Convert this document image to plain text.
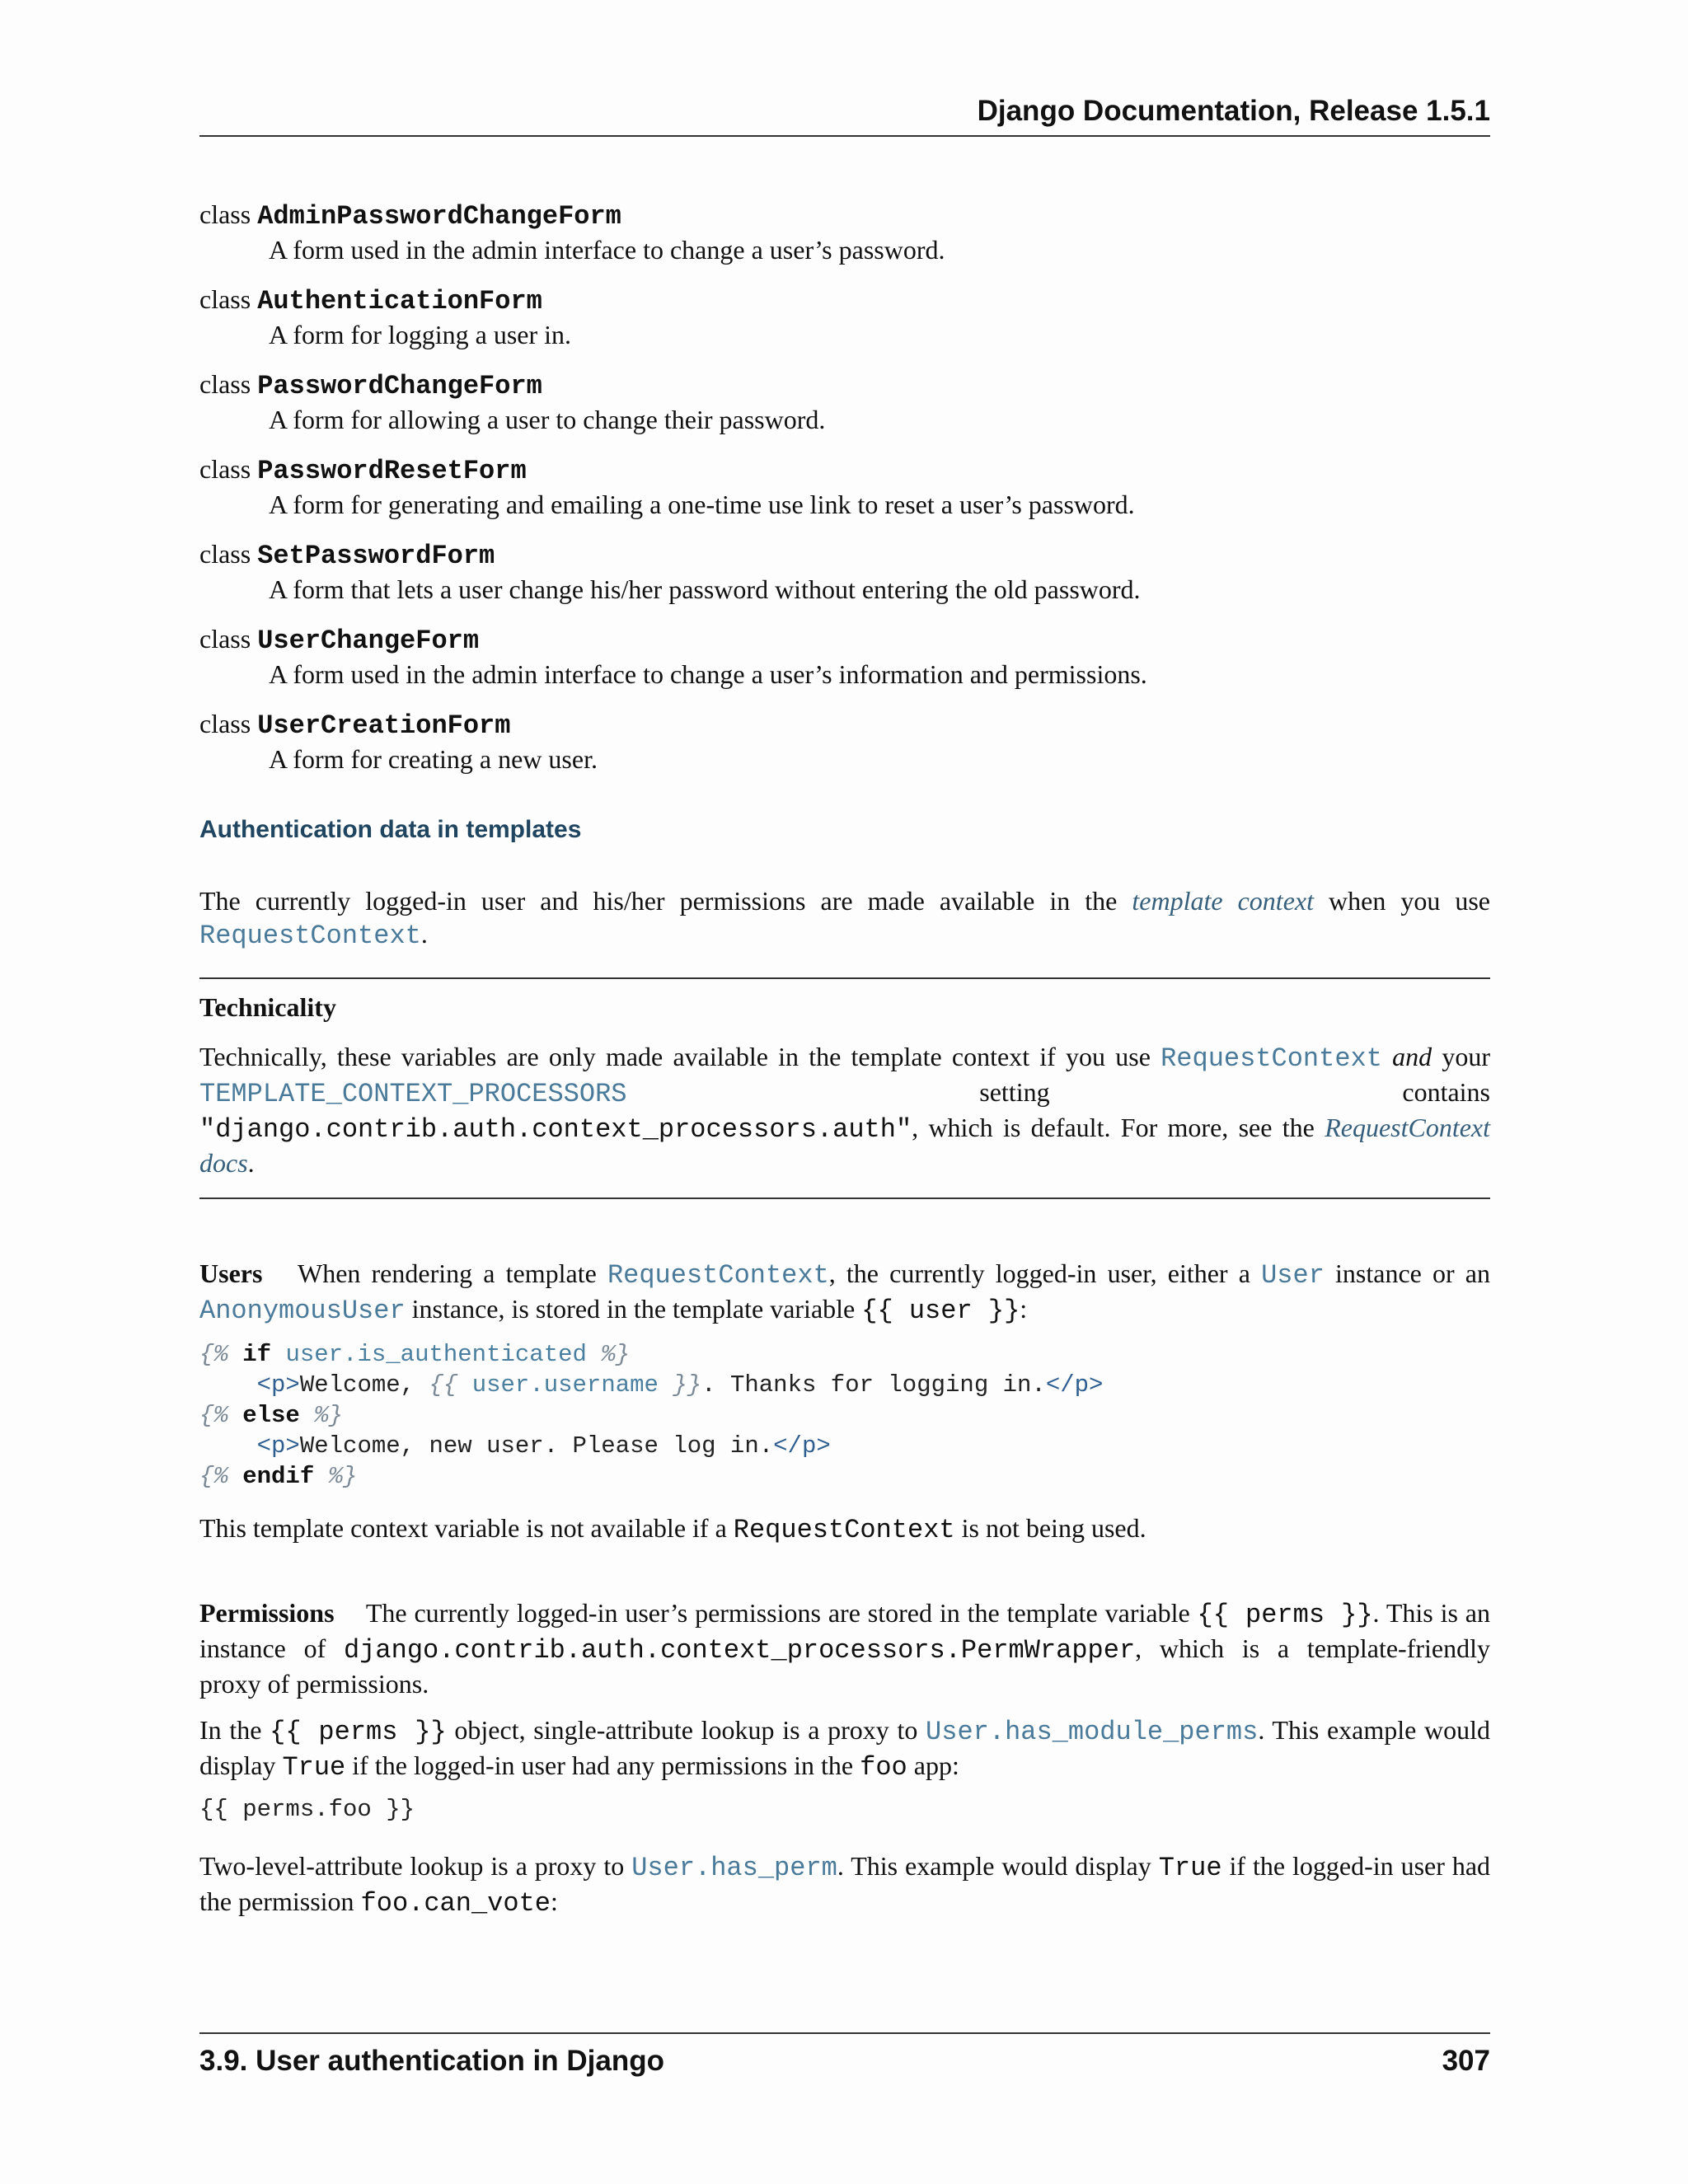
Django Documentation, Release 1.5.1
class AdminPasswordChangeForm
A form used in the admin interface to change a user’s password.
class AuthenticationForm
A form for logging a user in.
class PasswordChangeForm
A form for allowing a user to change their password.
class PasswordResetForm
A form for generating and emailing a one-time use link to reset a user’s password.
class SetPasswordForm
A form that lets a user change his/her password without entering the old password.
class UserChangeForm
A form used in the admin interface to change a user’s information and permissions.
class UserCreationForm
A form for creating a new user.
Authentication data in templates

The currently logged-in user and his/her permissions are made available in the template context when you use RequestContext.

Technicality

Technically, these variables are only made available in the template context if you use RequestContext and your TEMPLATE_CONTEXT_PROCESSORS	setting contains "django.contrib.auth.context_processors.auth", which is default. For more, see the RequestContext docs.

Users When rendering a template RequestContext, the currently logged-in user, either a User instance or an AnonymousUser instance, is stored in the template variable {{ user }}:

{% if user.is_authenticated %}
<p>Welcome, {{ user.username }}. Thanks for logging in.</p>
{% else %}
<p>Welcome, new user. Please log in.</p>
{% endif %}

This template context variable is not available if a RequestContext is not being used.

Permissions The currently logged-in user’s permissions are stored in the template variable {{ perms }}. This is an instance of django.contrib.auth.context_processors.PermWrapper, which is a template-friendly proxy of permissions.

In the {{ perms }} object, single-attribute lookup is a proxy to User.has_module_perms. This example would display True if the logged-in user had any permissions in the foo app:

{{ perms.foo }}

Two-level-attribute lookup is a proxy to User.has_perm. This example would display True if the logged-in user had the permission foo.can_vote:

3.9. User authentication in Django	307
